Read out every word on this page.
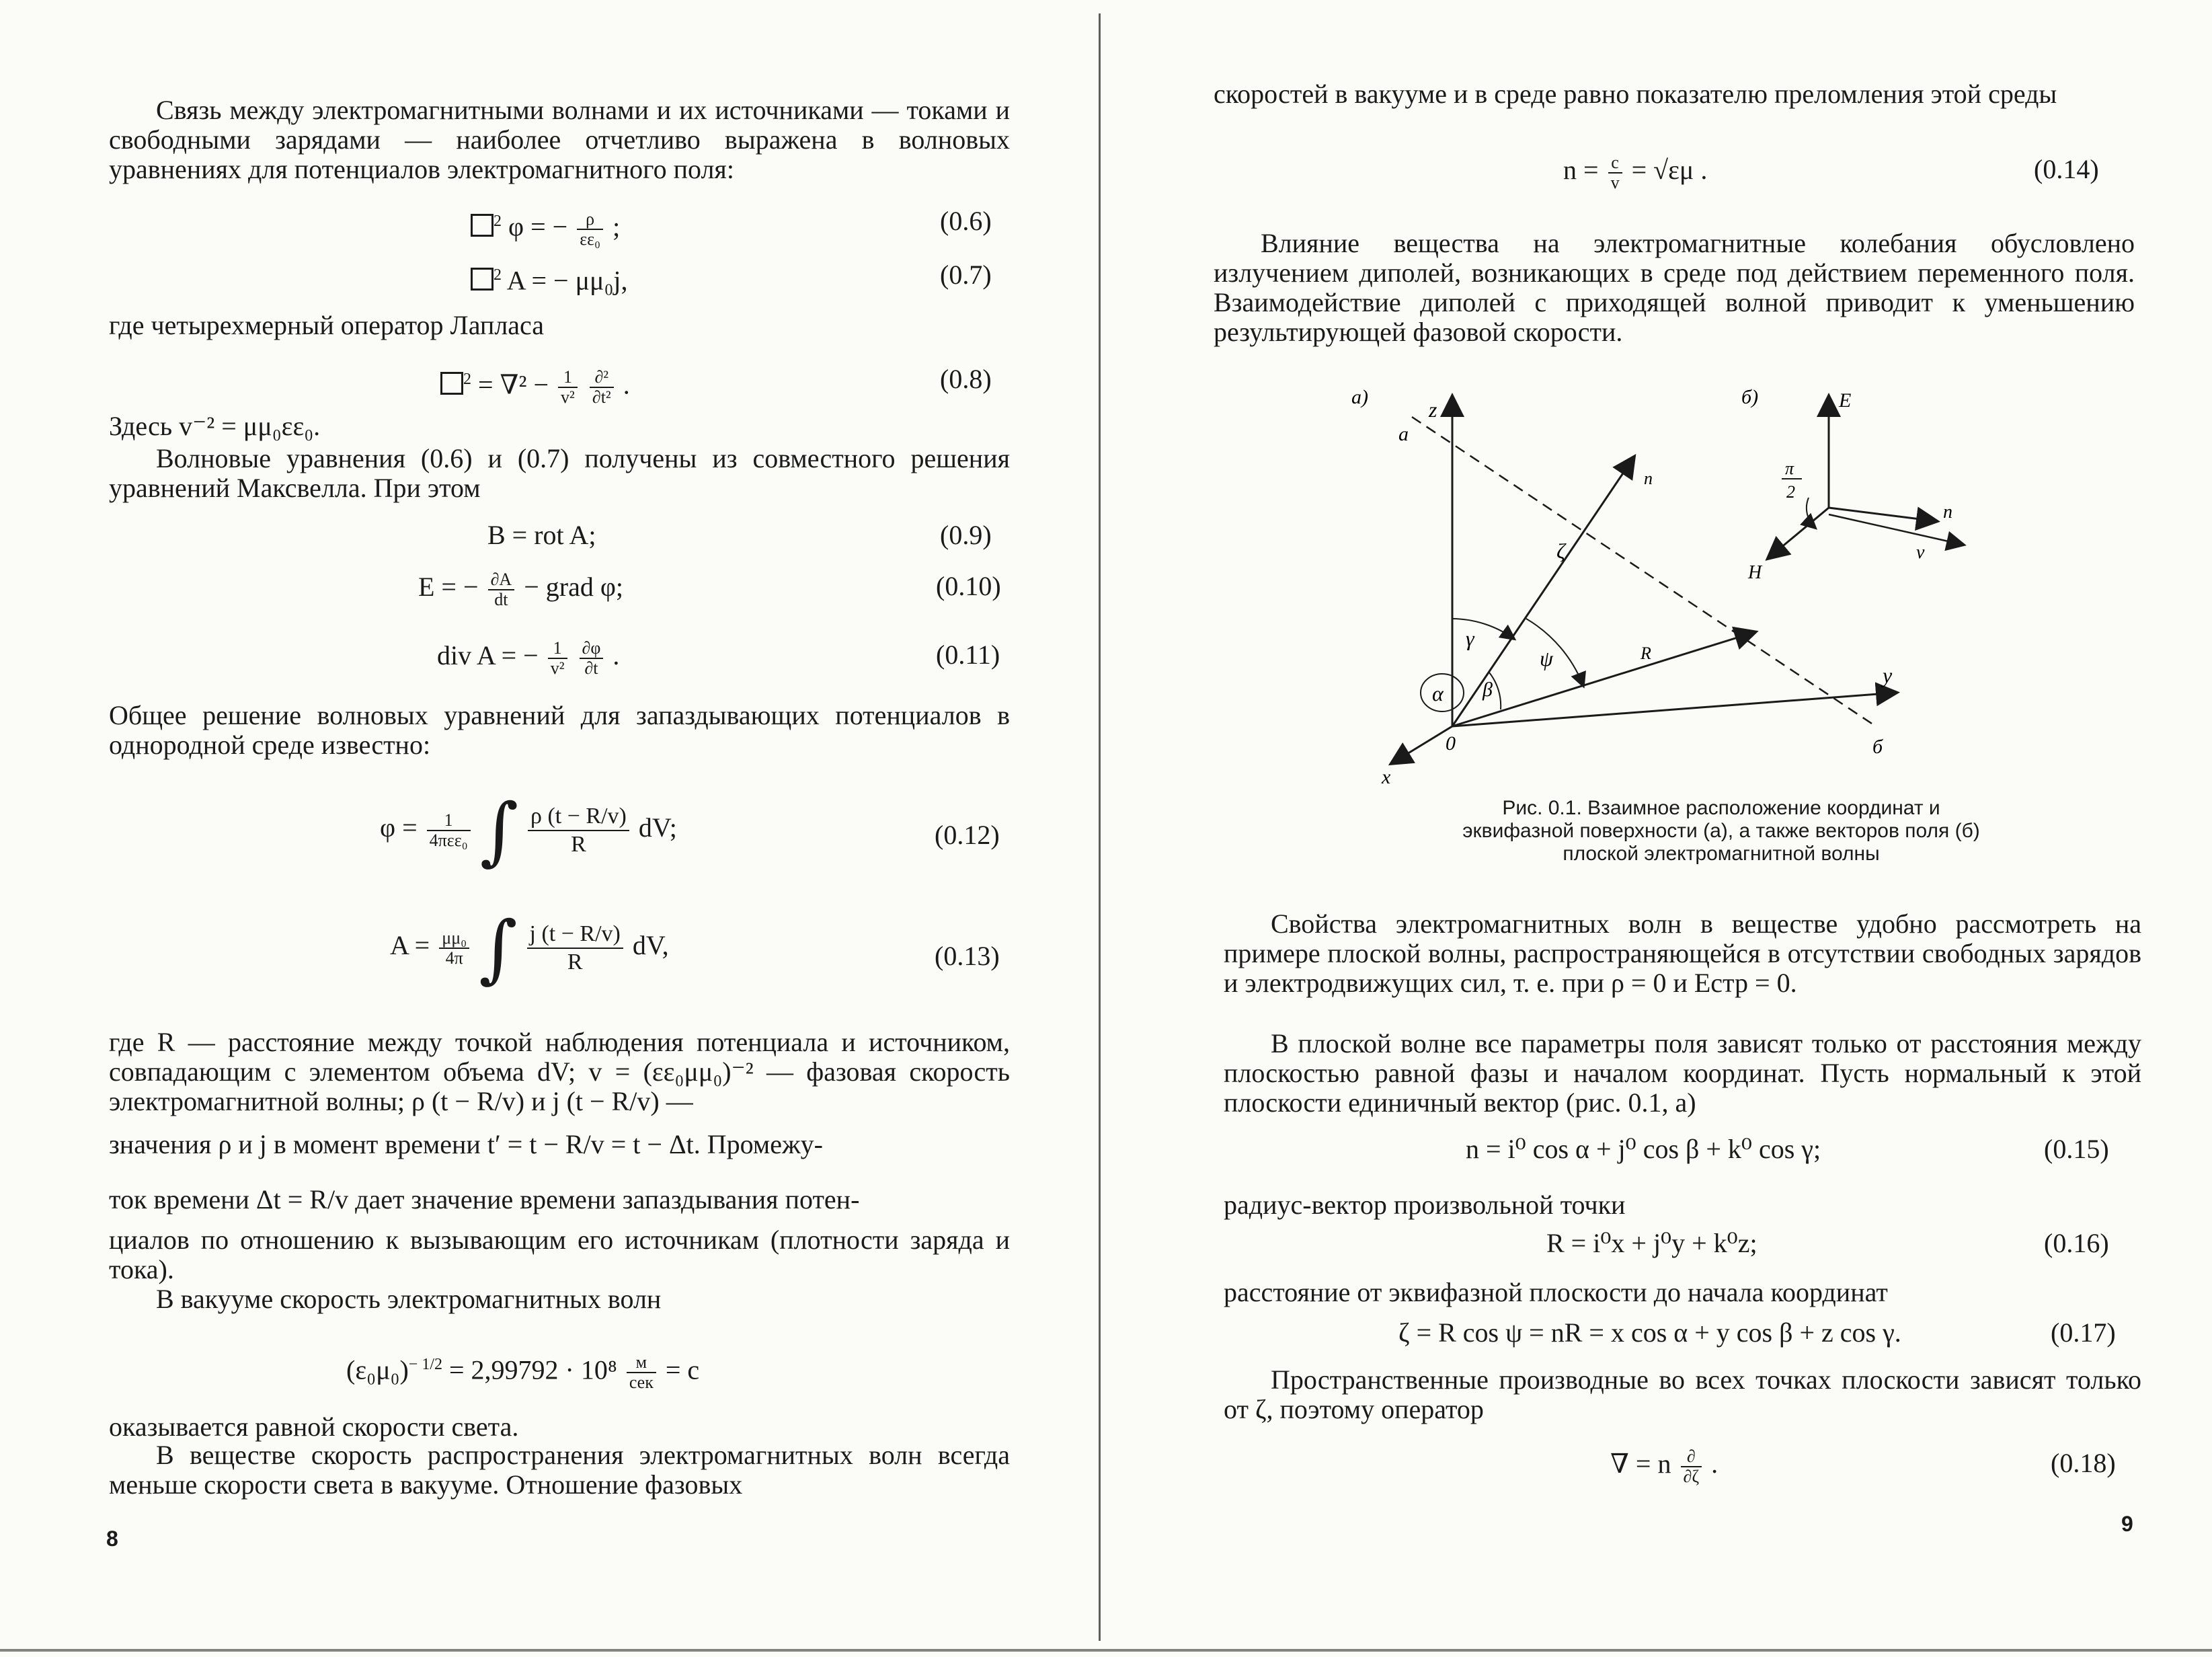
Связь между электромагнитными волнами и их источниками — токами и свободными зарядами — наиболее отчетливо выражена в волновых уравнениях для потенциалов электромагнитного поля:
$^2$ φ = − $\frac{\rho}{\text{εε₀}}$ ;	(0.6)
$^2$ A = − μμ₀j,	(0.7)
где четырехмерный оператор Лапласа
$^2 = \nabla^2 - \frac{1}{\text{v²}}$
$\frac{\text{∂²}}{\text{∂t²}}$ .	(0.8)
Здесь v⁻² = μμ₀εε₀.
Волновые уравнения (0.6) и (0.7) получены из совместного решения уравнений Максвелла. При этом
B = rot A;	(0.9)
E = − $\frac{\partial A}{dt}$ − grad φ;	(0.10)
div A = − $\frac{1}{\text{v²}}$
$\frac{\partial\varphi}{\partial t}$ .	(0.11)
Общее решение волновых уравнений для запаздывающих потенциалов в однородной среде известно:
$\varphi = \frac{1}{\text{4πεε₀}}$ ∫ $\frac{\rho (t - R/v)}{R}$ dV;	(0.12)
$A = \frac{\text{μμ₀}}{4\pi}$ ∫ $\frac{j (t - R/v)}{R}$ dV,	(0.13)
где R — расстояние между точкой наблюдения потенциала и источником, совпадающим с элементом объема dV; v = (εε₀μμ₀)⁻² — фазовая скорость электромагнитной волны; ρ (t − R/v) и j (t − R/v) —
значения ρ и j в момент времени t′ = t − R/v = t − Δt. Промежу-
ток времени Δt = R/v дает значение времени запаздывания потен-
циалов по отношению к вызывающим его источникам (плотности заряда и тока).
В вакууме скорость электромагнитных волн
$(\varepsilon_0\mu_0)^{- 1/2} = 2,99792 \cdot 10^8 \frac{м}{\text{сек}} = c$
оказывается равной скорости света.
В веществе скорость распространения электромагнитных волн всегда меньше скорости света в вакууме. Отношение фазовых
8
скоростей в вакууме и в среде равно показателю преломления этой среды
$n = \frac{c}{v} = √\varepsilon\mu$ .	(0.14)
Влияние вещества на электромагнитные колебания обусловлено излучением диполей, возникающих в среде под действием переменного поля. Взаимодействие диполей с приходящей волной приводит к уменьшению результирующей фазовой скорости.
a)	б)
z
y
x
0
a
б
n
ζ
R
γ
ψ
β
α
E
H
n
v
π
2
Рис. 0.1. Взаимное расположение координат и эквифазной поверхности (а), а также векторов поля (б) плоской электромагнитной волны
Свойства электромагнитных волн в веществе удобно рассмотреть на примере плоской волны, распространяющейся в отсутствии свободных зарядов и электродвижущих сил, т. е. при ρ = 0 и Eстр = 0.
В плоской волне все параметры поля зависят только от расстояния между плоскостью равной фазы и началом координат. Пусть нормальный к этой плоскости единичный вектор (рис. 0.1, а)
n = i⁰ cos α + j⁰ cos β + k⁰ cos γ;	(0.15)
радиус-вектор произвольной точки
R = i⁰x + j⁰y + k⁰z;	(0.16)
расстояние от эквифазной плоскости до начала координат
ζ = R cos ψ = nR = x cos α + y cos β + z cos γ.	(0.17)
Пространственные производные во всех точках плоскости зависят только от ζ, поэтому оператор
∇ = n $\frac{\partial}{\partial\zeta}$ .	(0.18)
9
